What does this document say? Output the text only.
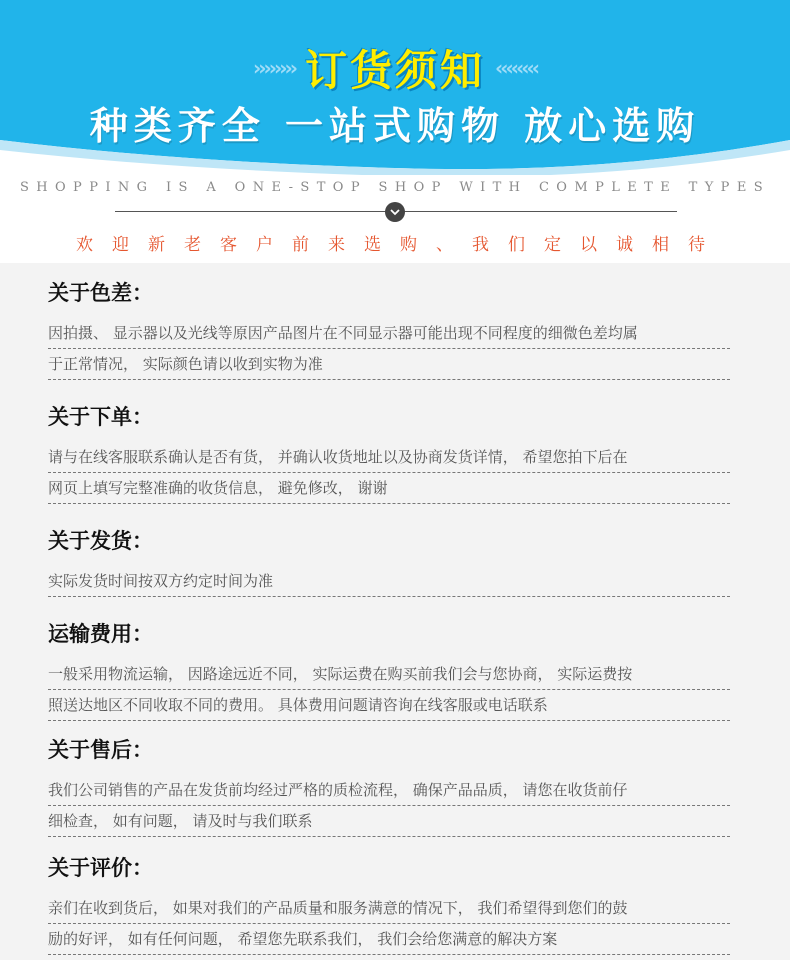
›››››››› 订货须知 ‹‹‹‹‹‹‹‹
种类齐全 一站式购物 放心选购
SHOPPING IS A ONE-STOP SHOP WITH COMPLETE TYPES
欢迎新老客户前来选购、我们定以诚相待
关于色差：
因拍摄、 显示器以及光线等原因产品图片在不同显示器可能出现不同程度的细微色差均属
于正常情况， 实际颜色请以收到实物为准
关于下单：
请与在线客服联系确认是否有货， 并确认收货地址以及协商发货详情， 希望您拍下后在
网页上填写完整准确的收货信息， 避免修改， 谢谢
关于发货：
实际发货时间按双方约定时间为准
运输费用：
一般采用物流运输， 因路途远近不同， 实际运费在购买前我们会与您协商， 实际运费按
照送达地区不同收取不同的费用。 具体费用问题请咨询在线客服或电话联系
关于售后：
我们公司销售的产品在发货前均经过严格的质检流程， 确保产品品质， 请您在收货前仔
细检查， 如有问题， 请及时与我们联系
关于评价：
亲们在收到货后， 如果对我们的产品质量和服务满意的情况下， 我们希望得到您们的鼓
励的好评， 如有任何问题， 希望您先联系我们， 我们会给您满意的解决方案
